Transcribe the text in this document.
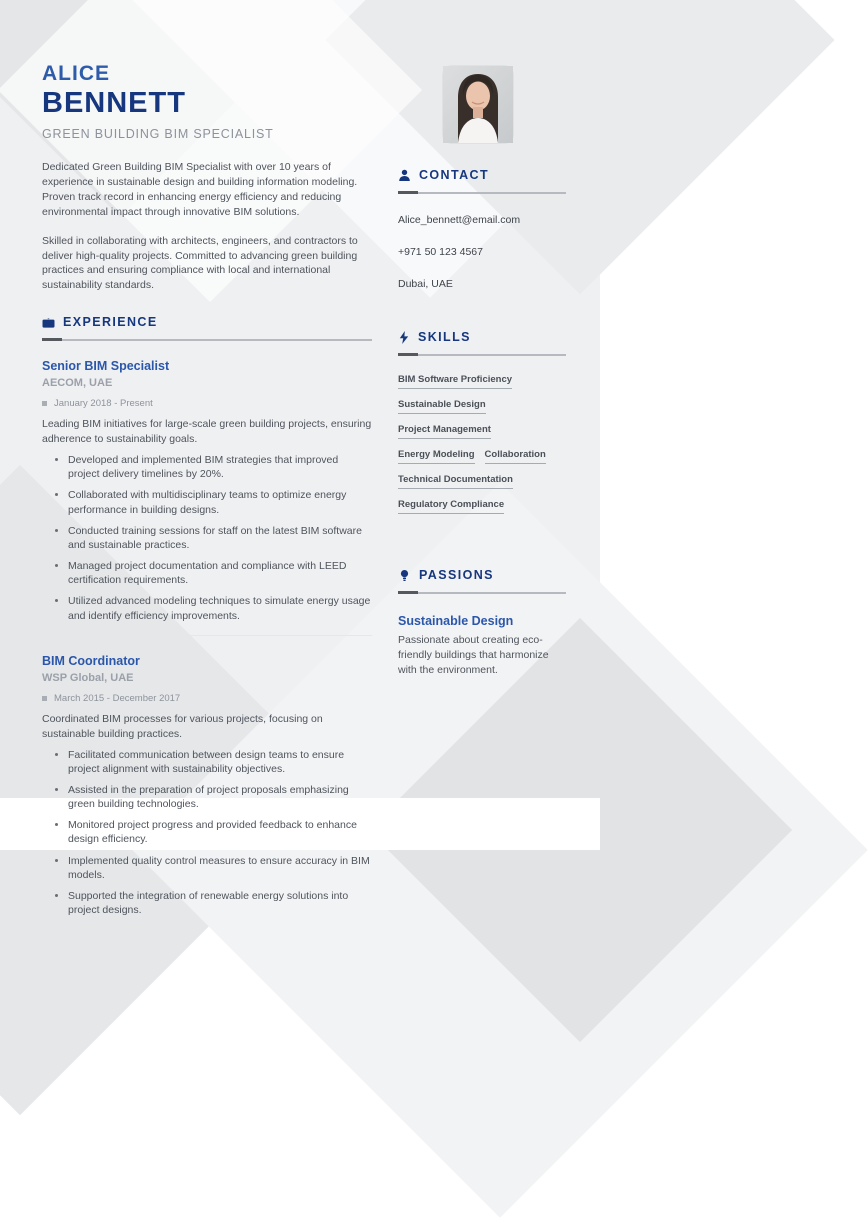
ALICE
BENNETT
GREEN BUILDING BIM SPECIALIST

Dedicated Green Building BIM Specialist with over 10 years of experience in sustainable design and building information modeling. Proven track record in enhancing energy efficiency and reducing environmental impact through innovative BIM solutions.

Skilled in collaborating with architects, engineers, and contractors to deliver high-quality projects. Committed to advancing green building practices and ensuring compliance with local and international sustainability standards.

EXPERIENCE
Senior BIM Specialist
AECOM, UAE
January 2018 - Present
Leading BIM initiatives for large-scale green building projects, ensuring adherence to sustainability goals.
• Developed and implemented BIM strategies that improved project delivery timelines by 20%.
• Collaborated with multidisciplinary teams to optimize energy performance in building designs.
• Conducted training sessions for staff on the latest BIM software and sustainable practices.
• Managed project documentation and compliance with LEED certification requirements.
• Utilized advanced modeling techniques to simulate energy usage and identify efficiency improvements.
BIM Coordinator
WSP Global, UAE
March 2015 - December 2017
Coordinated BIM processes for various projects, focusing on sustainable building practices.
• Facilitated communication between design teams to ensure project alignment with sustainability objectives.
• Assisted in the preparation of project proposals emphasizing green building technologies.
• Monitored project progress and provided feedback to enhance design efficiency.
• Implemented quality control measures to ensure accuracy in BIM models.
• Supported the integration of renewable energy solutions into project designs.
CONTACT
Alice_bennett@email.com
+971 50 123 4567
Dubai, UAE
SKILLS
BIM Software Proficiency
Sustainable Design
Project Management
Energy Modeling Collaboration
Technical Documentation
Regulatory Compliance
PASSIONS
Sustainable Design
Passionate about creating eco-friendly buildings that harmonize with the environment.
